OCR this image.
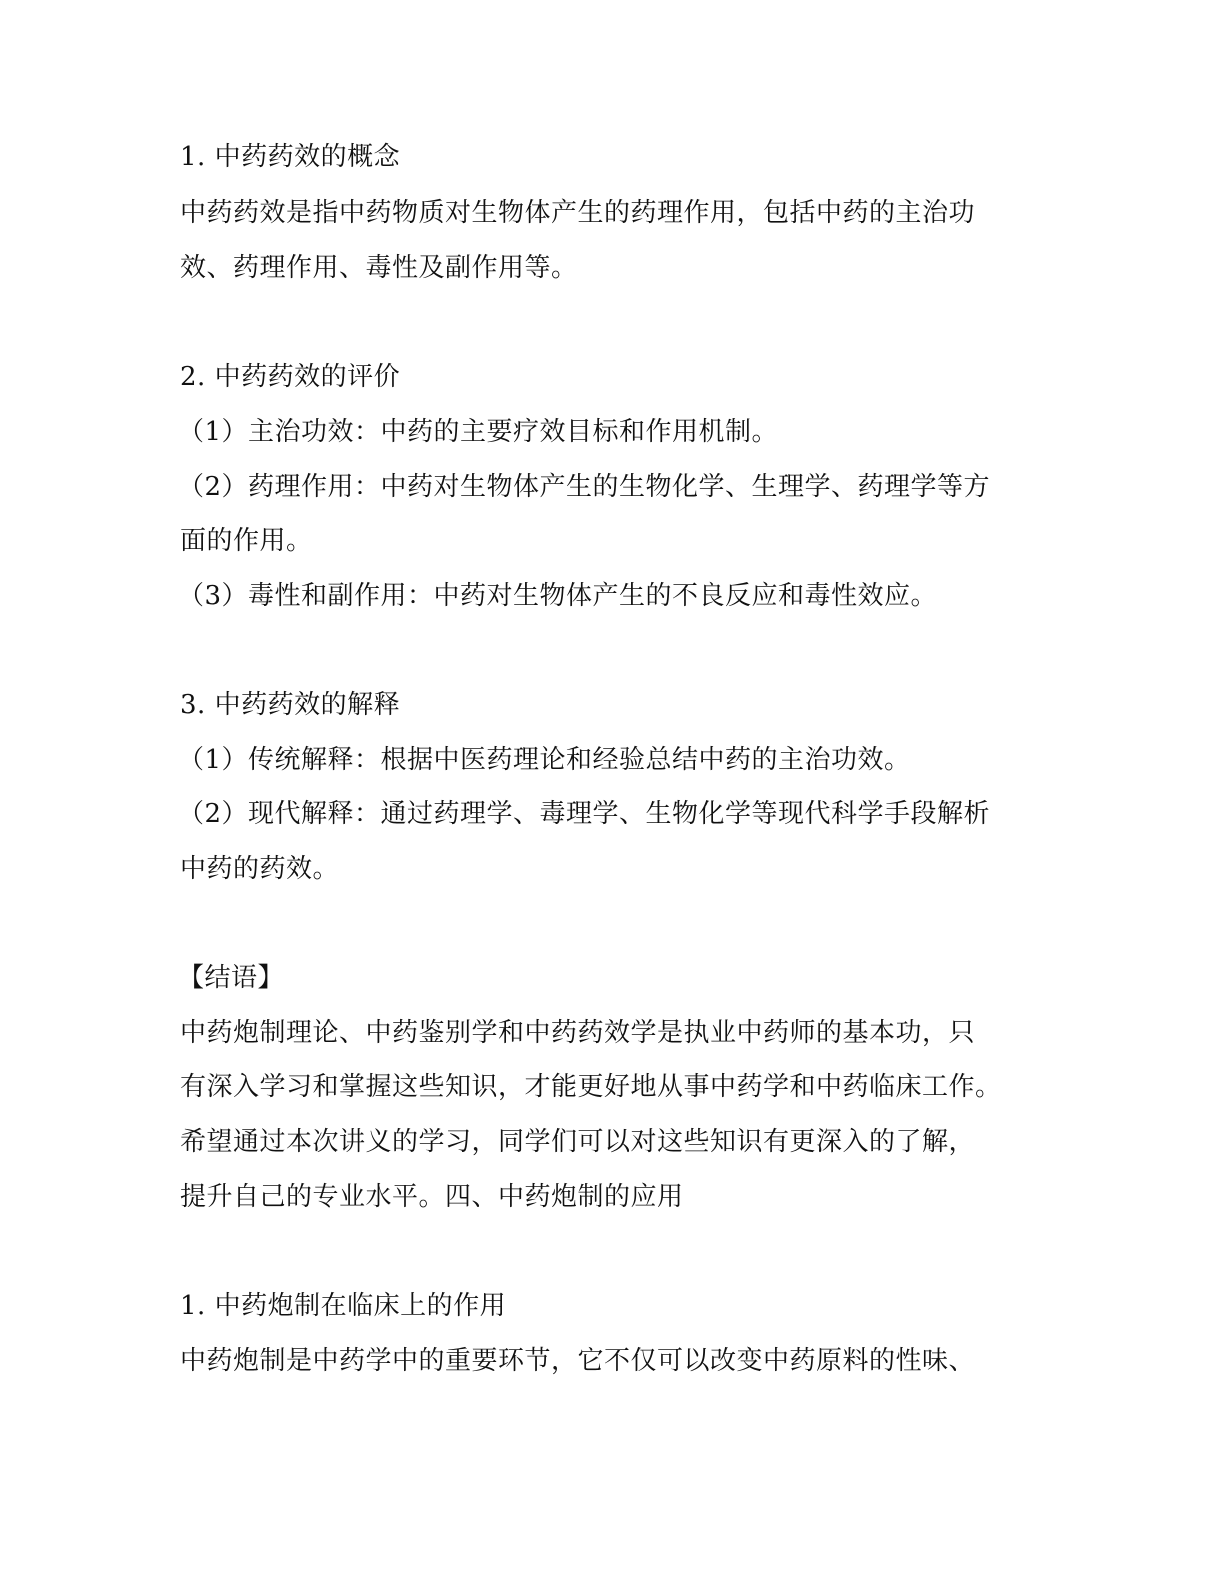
1. 中药药效的概念
中药药效是指中药物质对生物体产生的药理作用，包括中药的主治功
效、药理作用、毒性及副作用等。
2. 中药药效的评价
（1）主治功效：中药的主要疗效目标和作用机制。
（2）药理作用：中药对生物体产生的生物化学、生理学、药理学等方
面的作用。
（3）毒性和副作用：中药对生物体产生的不良反应和毒性效应。
3. 中药药效的解释
（1）传统解释：根据中医药理论和经验总结中药的主治功效。
（2）现代解释：通过药理学、毒理学、生物化学等现代科学手段解析
中药的药效。
【结语】
中药炮制理论、中药鉴别学和中药药效学是执业中药师的基本功，只
有深入学习和掌握这些知识，才能更好地从事中药学和中药临床工作。
希望通过本次讲义的学习，同学们可以对这些知识有更深入的了解，
提升自己的专业水平。四、中药炮制的应用
1. 中药炮制在临床上的作用
中药炮制是中药学中的重要环节，它不仅可以改变中药原料的性味、
